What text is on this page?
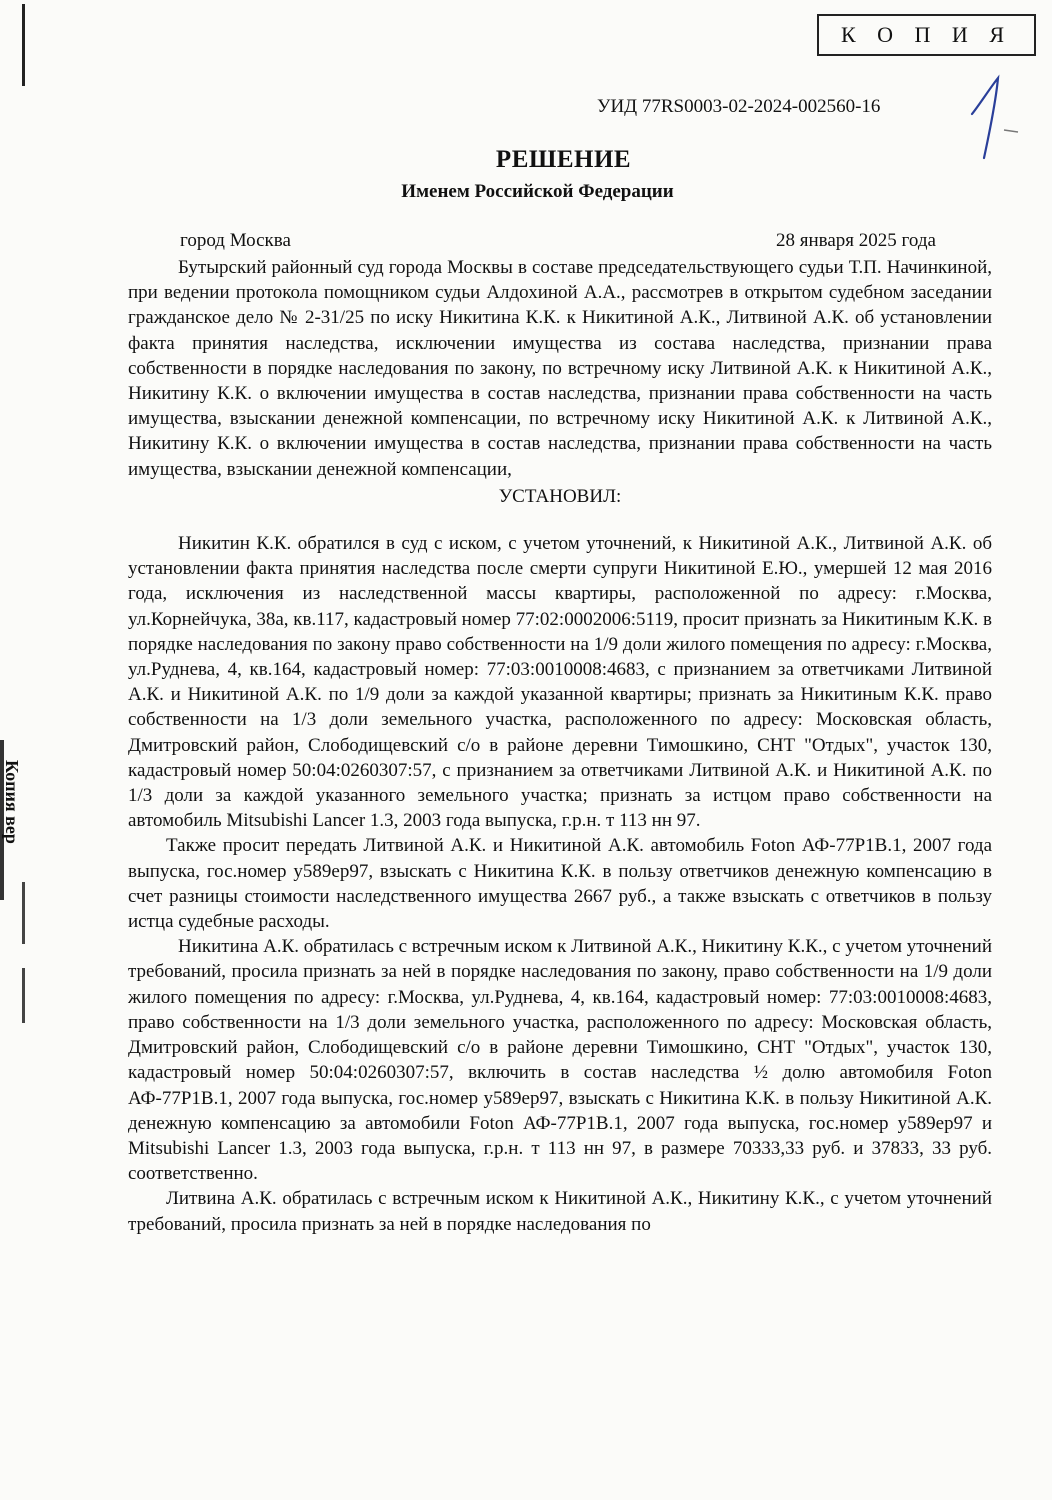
Копия вер
К О П И Я
УИД 77RS0003-02-2024-002560-16
РЕШЕНИЕ
Именем Российской Федерации
город Москва	28 января 2025 года

Бутырский районный суд города Москвы в составе председательствующего судьи Т.П. Начинкиной, при ведении протокола помощником судьи Алдохиной А.А., рассмотрев в открытом судебном заседании гражданское дело № 2-31/25 по иску Никитина К.К. к Никитиной А.К., Литвиной А.К. об установлении факта принятия наследства, исключении имущества из состава наследства, признании права собственности в порядке наследования по закону, по встречному иску Литвиной А.К. к Никитиной А.К., Никитину К.К. о включении имущества в состав наследства, признании права собственности на часть имущества, взыскании денежной компенсации, по встречному иску Никитиной А.К. к Литвиной А.К., Никитину К.К. о включении имущества в состав наследства, признании права собственности на часть имущества, взыскании денежной компенсации,

УСТАНОВИЛ:

Никитин К.К. обратился в суд с иском, с учетом уточнений, к Никитиной А.К., Литвиной А.К. об установлении факта принятия наследства после смерти супруги Никитиной Е.Ю., умершей 12 мая 2016 года, исключения из наследственной массы квартиры, расположенной по адресу: г.Москва, ул.Корнейчука, 38а, кв.117, кадастровый номер 77:02:0002006:5119, просит признать за Никитиным К.К. в порядке наследования по закону право собственности на 1/9 доли жилого помещения по адресу: г.Москва, ул.Руднева, 4, кв.164, кадастровый номер: 77:03:0010008:4683, с признанием за ответчиками Литвиной А.К. и Никитиной А.К. по 1/9 доли за каждой указанной квартиры; признать за Никитиным К.К. право собственности на 1/3 доли земельного участка, расположенного по адресу: Московская область, Дмитровский район, Слободищевский с/о в районе деревни Тимошкино, СНТ "Отдых", участок 130, кадастровый номер 50:04:0260307:57, с признанием за ответчиками Литвиной А.К. и Никитиной А.К. по 1/3 доли за каждой указанного земельного участка; признать за истцом право собственности на автомобиль Mitsubishi Lancer 1.3, 2003 года выпуска, г.р.н. т 113 нн 97.

Также просит передать Литвиной А.К. и Никитиной А.К. автомобиль Foton АФ-77Р1В.1, 2007 года выпуска, гос.номер у589ер97, взыскать с Никитина К.К. в пользу ответчиков денежную компенсацию в счет разницы стоимости наследственного имущества 2667 руб., а также взыскать с ответчиков в пользу истца судебные расходы.

Никитина А.К. обратилась с встречным иском к Литвиной А.К., Никитину К.К., с учетом уточнений требований, просила признать за ней в порядке наследования по закону, право собственности на 1/9 доли жилого помещения по адресу: г.Москва, ул.Руднева, 4, кв.164, кадастровый номер: 77:03:0010008:4683, право собственности на 1/3 доли земельного участка, расположенного по адресу: Московская область, Дмитровский район, Слободищевский с/о в районе деревни Тимошкино, СНТ "Отдых", участок 130, кадастровый номер 50:04:0260307:57, включить в состав наследства ½ долю автомобиля Foton АФ-77Р1В.1, 2007 года выпуска, гос.номер у589ер97, взыскать с Никитина К.К. в пользу Никитиной А.К. денежную компенсацию за автомобили Foton АФ-77Р1В.1, 2007 года выпуска, гос.номер у589ер97 и Mitsubishi Lancer 1.3, 2003 года выпуска, г.р.н. т 113 нн 97, в размере 70333,33 руб. и 37833, 33 руб. соответственно.

Литвина А.К. обратилась с встречным иском к Никитиной А.К., Никитину К.К., с учетом уточнений требований, просила признать за ней в порядке наследования по
